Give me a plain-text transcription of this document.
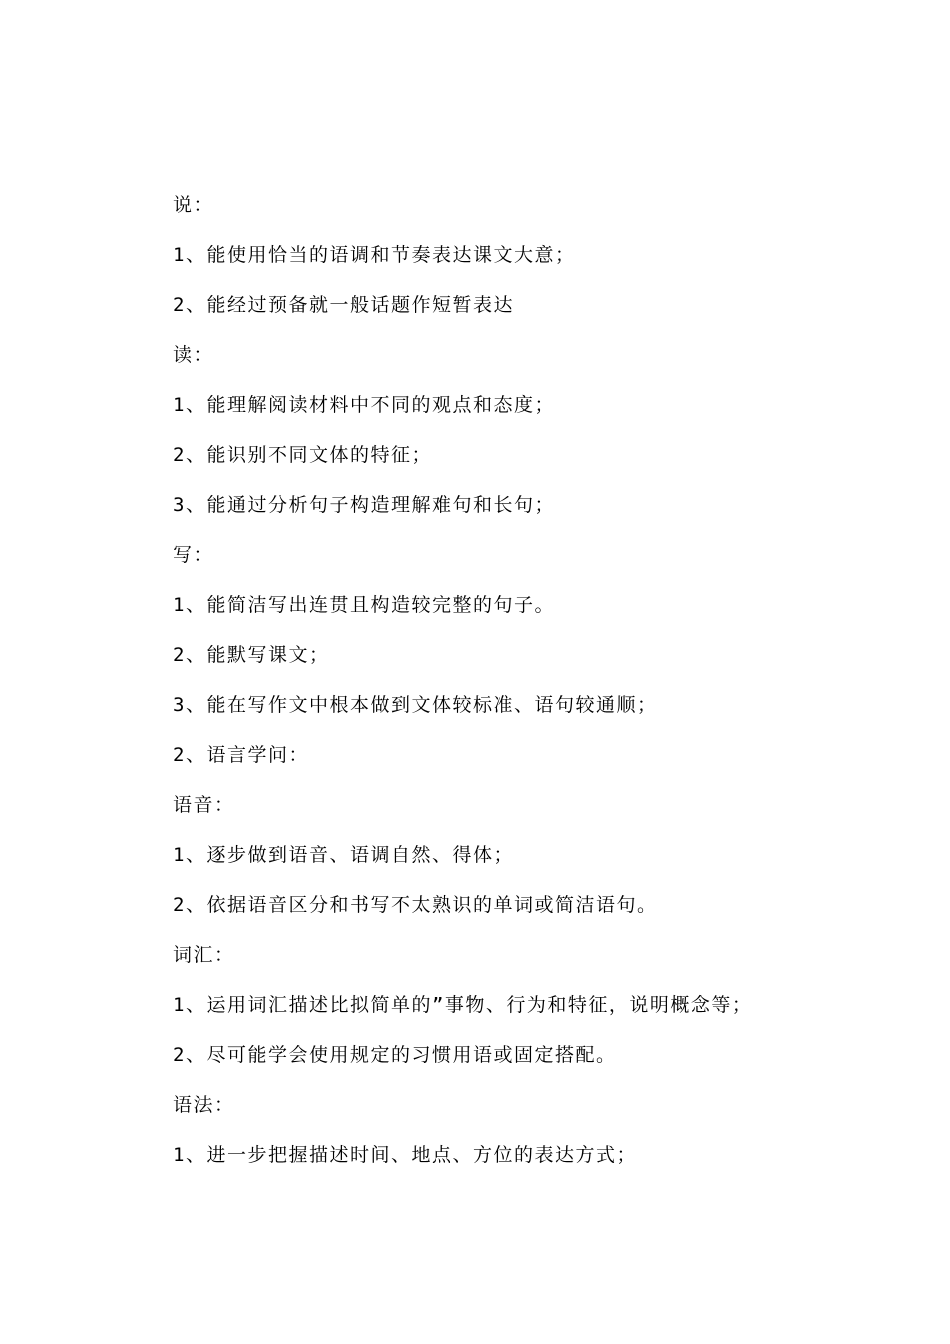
说：
1、能使用恰当的语调和节奏表达课文大意；
2、能经过预备就一般话题作短暂表达
读：
1、能理解阅读材料中不同的观点和态度；
2、能识别不同文体的特征；
3、能通过分析句子构造理解难句和长句；
写：
1、能简洁写出连贯且构造较完整的句子。
2、能默写课文；
3、能在写作文中根本做到文体较标准、语句较通顺；
2、语言学问：
语音：
1、逐步做到语音、语调自然、得体；
2、依据语音区分和书写不太熟识的单词或简洁语句。
词汇：
1、运用词汇描述比拟简单的”事物、行为和特征，说明概念等；
2、尽可能学会使用规定的习惯用语或固定搭配。
语法：
1、进一步把握描述时间、地点、方位的表达方式；
